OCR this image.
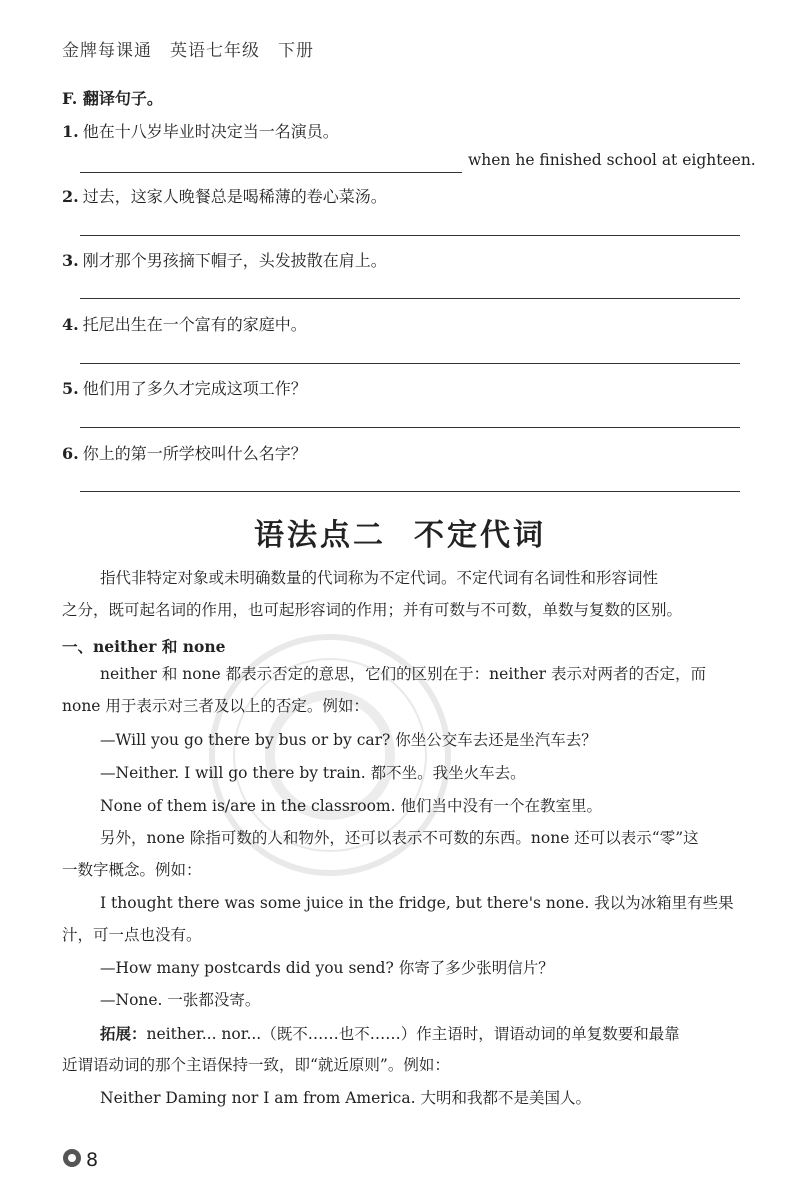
金牌每课通 英语七年级 下册
F. 翻译句子。
1. 他在十八岁毕业时决定当一名演员。
when he finished school at eighteen.
2. 过去，这家人晚餐总是喝稀薄的卷心菜汤。
3. 刚才那个男孩摘下帽子，头发披散在肩上。
4. 托尼出生在一个富有的家庭中。
5. 他们用了多久才完成这项工作？
6. 你上的第一所学校叫什么名字？
语法点二 不定代词
指代非特定对象或未明确数量的代词称为不定代词。不定代词有名词性和形容词性
之分，既可起名词的作用，也可起形容词的作用；并有可数与不可数，单数与复数的区别。
一、neither 和 none
neither 和 none 都表示否定的意思，它们的区别在于：neither 表示对两者的否定，而
none 用于表示对三者及以上的否定。例如：
—Will you go there by bus or by car? 你坐公交车去还是坐汽车去？
—Neither. I will go there by train. 都不坐。我坐火车去。
None of them is/are in the classroom. 他们当中没有一个在教室里。
另外，none 除指可数的人和物外，还可以表示不可数的东西。none 还可以表示“零”这
一数字概念。例如：
I thought there was some juice in the fridge, but there's none. 我以为冰箱里有些果
汁，可一点也没有。
—How many postcards did you send? 你寄了多少张明信片？
—None. 一张都没寄。
拓展：neither... nor...（既不……也不……）作主语时，谓语动词的单复数要和最靠
近谓语动词的那个主语保持一致，即“就近原则”。例如：
Neither Daming nor I am from America. 大明和我都不是美国人。
8
